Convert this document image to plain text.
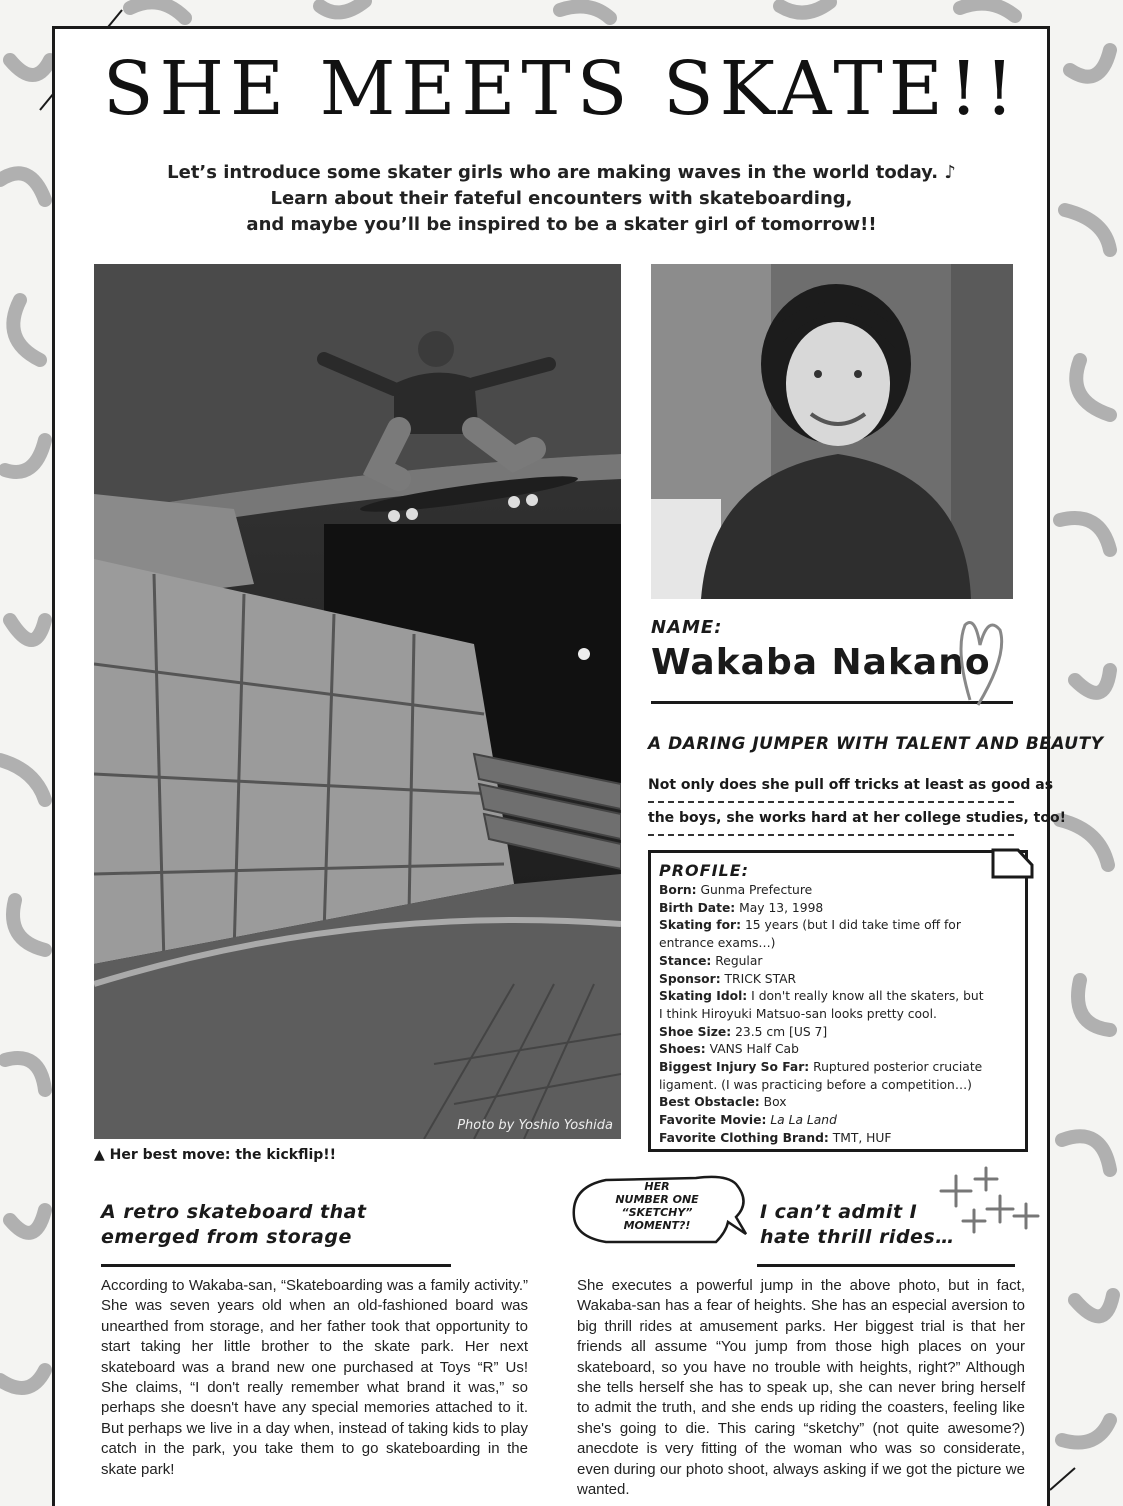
SHE MEETS SKATE!!
Let’s introduce some skater girls who are making waves in the world today. ♪
Learn about their fateful encounters with skateboarding,
and maybe you’ll be inspired to be a skater girl of tomorrow!!
Photo by Yoshio Yoshida
▲ Her best move: the kickflip!!
NAME:
Wakaba Nakano
A DARING JUMPER WITH TALENT AND BEAUTY
Not only does she pull off tricks at least as good as
the boys, she works hard at her college studies, too!
PROFILE:
Born: Gunma Prefecture
Birth Date: May 13, 1998
Skating for: 15 years (but I did take time off for entrance exams…)
Stance: Regular
Sponsor: TRICK STAR
Skating Idol: I don't really know all the skaters, but I think Hiroyuki Matsuo-san looks pretty cool.
Shoe Size: 23.5 cm [US 7]
Shoes: VANS Half Cab
Biggest Injury So Far: Ruptured posterior cruciate ligament. (I was practicing before a competition…)
Best Obstacle: Box
Favorite Movie: La La Land
Favorite Clothing Brand: TMT, HUF
A retro skateboard that
emerged from storage
According to Wakaba-san, “Skateboarding was a family activity.” She was seven years old when an old-fashioned board was unearthed from storage, and her father took that opportunity to start taking her little brother to the skate park. Her next skateboard was a brand new one purchased at Toys “R” Us! She claims, “I don't really remember what brand it was,” so perhaps she doesn't have any special memories attached to it. But perhaps we live in a day when, instead of taking kids to play catch in the park, you take them to go skateboarding in the skate park!
HER
NUMBER ONE
“SKETCHY”
MOMENT?!
I can’t admit I
hate thrill rides…
She executes a powerful jump in the above photo, but in fact, Wakaba-san has a fear of heights. She has an especial aversion to big thrill rides at amusement parks. Her biggest trial is that her friends all assume “You jump from those high places on your skateboard, so you have no trouble with heights, right?” Although she tells herself she has to speak up, she can never bring herself to admit the truth, and she ends up riding the coasters, feeling like she's going to die. This caring “sketchy” (not quite awesome?) anecdote is very fitting of the woman who was so considerate, even during our photo shoot, always asking if we got the picture we wanted.
